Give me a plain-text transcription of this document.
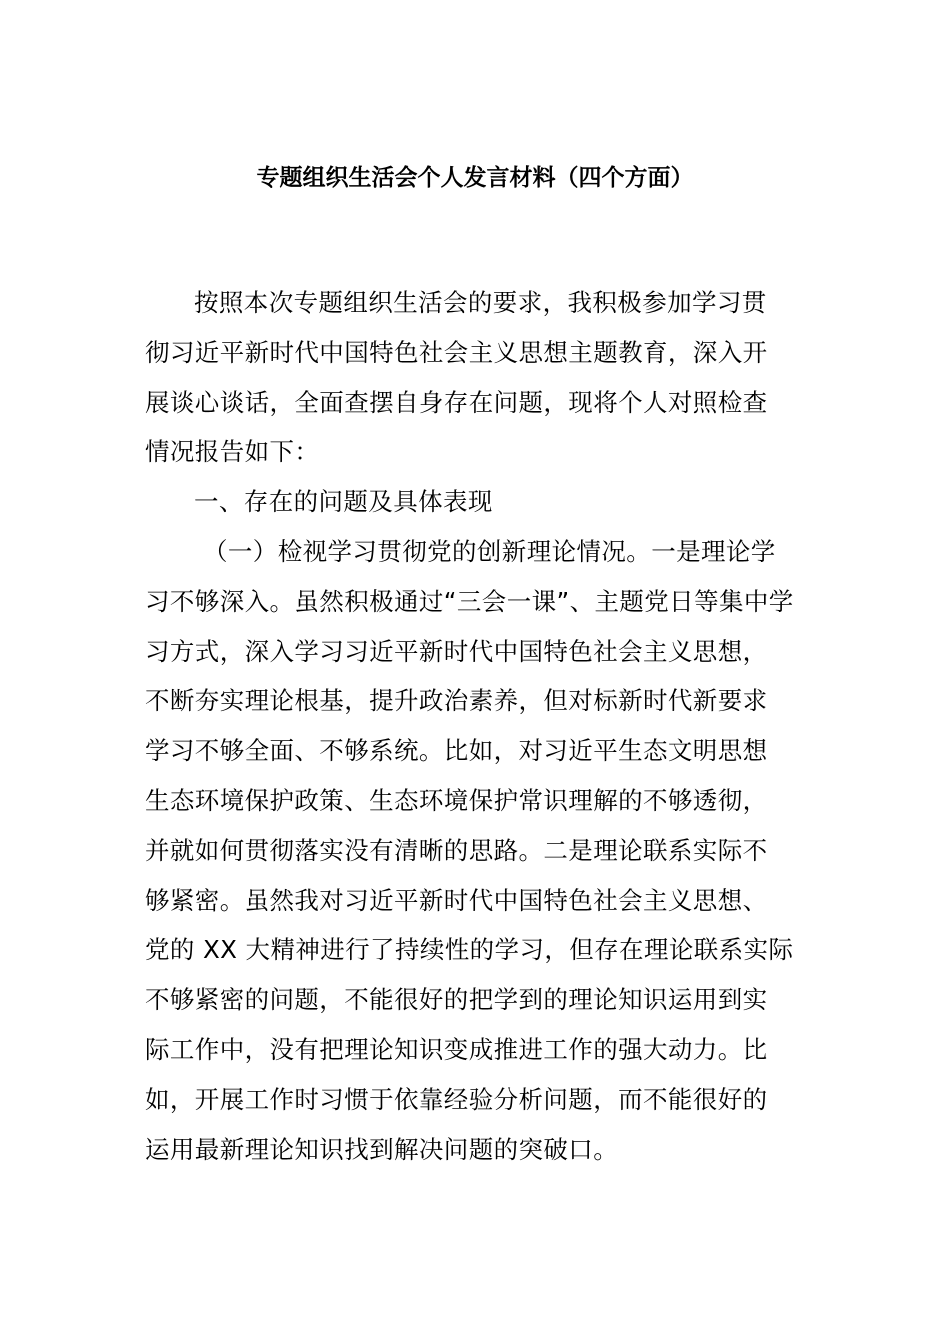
专题组织生活会个人发言材料（四个方面）
按照本次专题组织生活会的要求，我积极参加学习贯
彻习近平新时代中国特色社会主义思想主题教育，深入开
展谈心谈话，全面查摆自身存在问题，现将个人对照检查
情况报告如下：
一、存在的问题及具体表现
（一）检视学习贯彻党的创新理论情况。一是理论学
习不够深入。虽然积极通过“三会一课”、主题党日等集中学
习方式，深入学习习近平新时代中国特色社会主义思想，
不断夯实理论根基，提升政治素养，但对标新时代新要求
学习不够全面、不够系统。比如，对习近平生态文明思想
生态环境保护政策、生态环境保护常识理解的不够透彻，
并就如何贯彻落实没有清晰的思路。二是理论联系实际不
够紧密。虽然我对习近平新时代中国特色社会主义思想、
党的 XX 大精神进行了持续性的学习，但存在理论联系实际
不够紧密的问题，不能很好的把学到的理论知识运用到实
际工作中，没有把理论知识变成推进工作的强大动力。比
如，开展工作时习惯于依靠经验分析问题，而不能很好的
运用最新理论知识找到解决问题的突破口。
